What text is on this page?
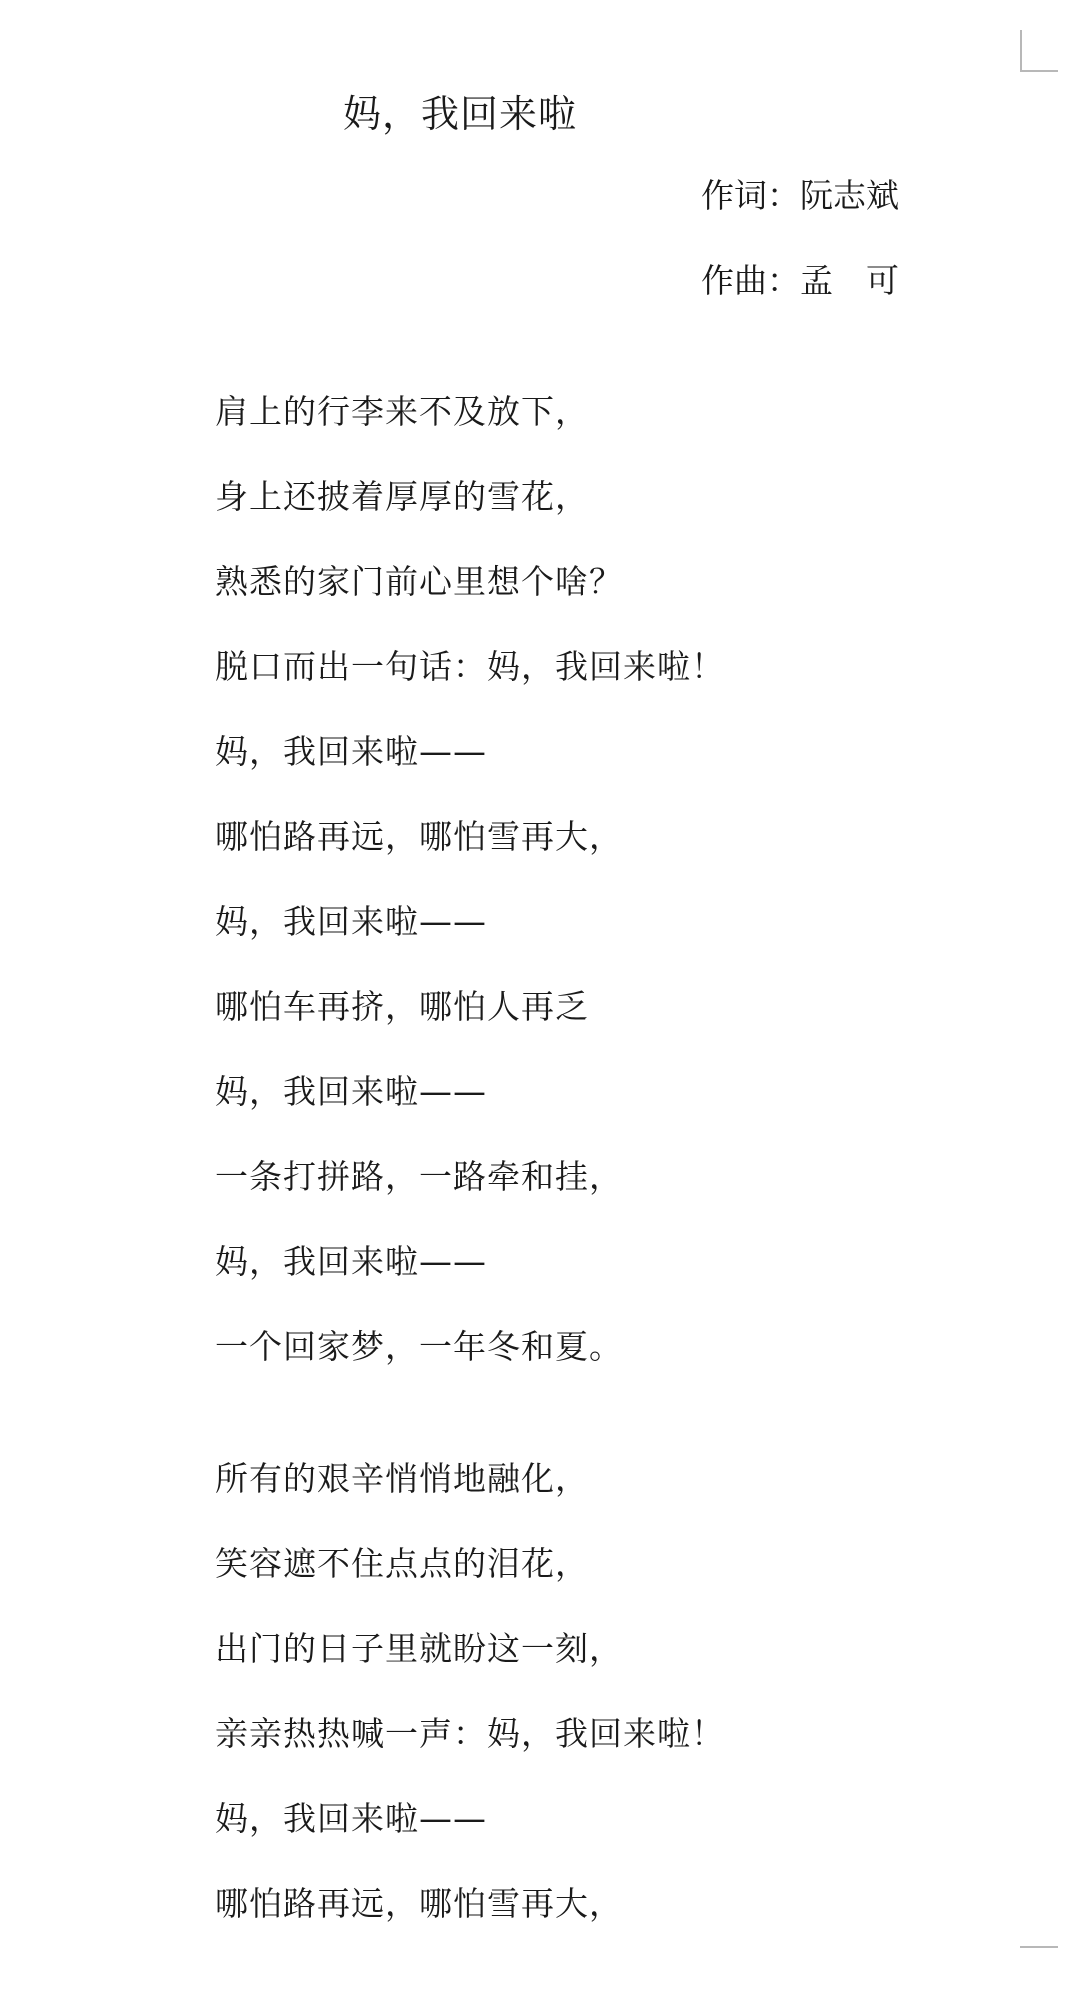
妈，我回来啦
作词：阮志斌
作曲：孟　可
肩上的行李来不及放下，
身上还披着厚厚的雪花，
熟悉的家门前心里想个啥？
脱口而出一句话：妈，我回来啦！
妈，我回来啦——
哪怕路再远，哪怕雪再大，
妈，我回来啦——
哪怕车再挤，哪怕人再乏
妈，我回来啦——
一条打拼路，一路牵和挂，
妈，我回来啦——
一个回家梦，一年冬和夏。
所有的艰辛悄悄地融化，
笑容遮不住点点的泪花，
出门的日子里就盼这一刻，
亲亲热热喊一声：妈，我回来啦！
妈，我回来啦——
哪怕路再远，哪怕雪再大，
